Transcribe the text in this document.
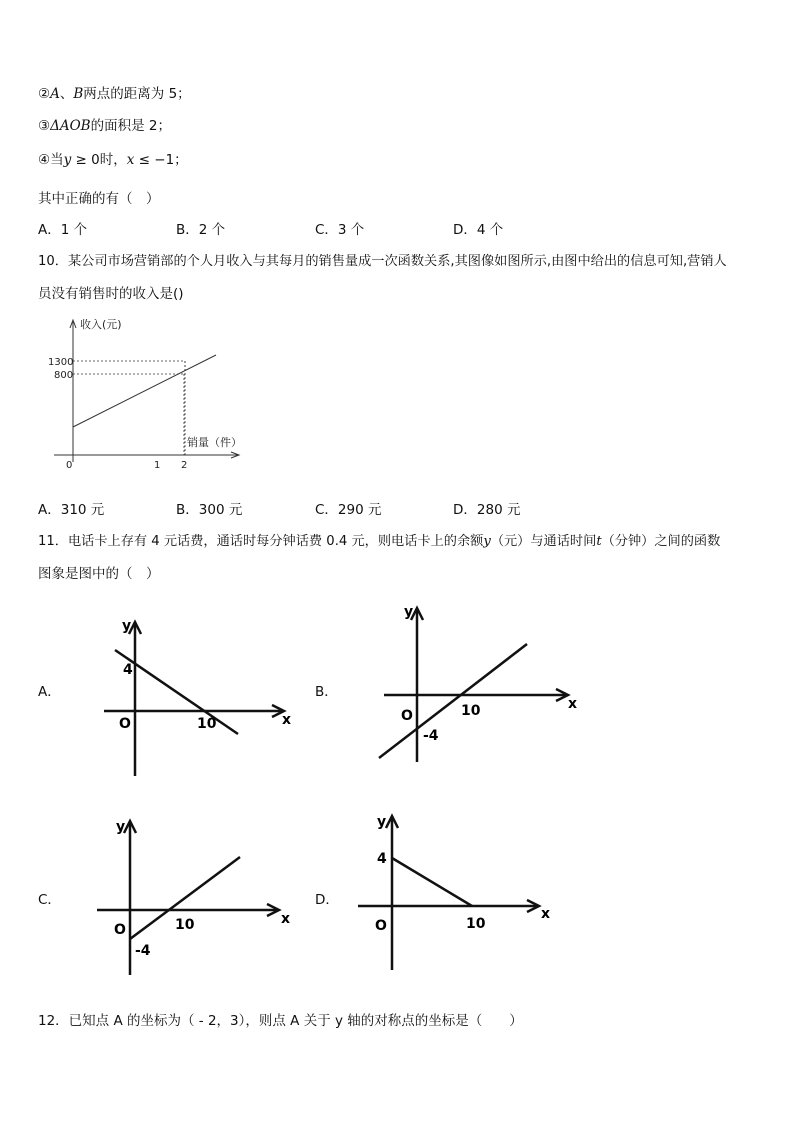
②A、B两点的距离为 5；
③ΔAOB的面积是 2；
④当y ≥ 0时，x ≤ −1；
其中正确的有（　）
A．1 个	B．2 个	C．3 个	D．4 个
10．某公司市场营销部的个人月收入与其每月的销售量成一次函数关系,其图像如图所示,由图中给出的信息可知,营销人
员没有销售时的收入是()
收入(元)
销量（件）
1300
800
0	1 2
A．310 元	B．300 元	C．290 元	D．280 元
11．电话卡上存有 4 元话费，通话时每分钟话费 0.4 元，则电话卡上的余额y（元）与通话时间t（分钟）之间的函数
图象是图中的（　）
A．	B．
C．	D．
y
x
O
4
10
y
x
O
-4
10
y
x
O
-4
10
y
x
O
4
10
12．已知点 A 的坐标为（ - 2，3），则点 A 关于 y 轴的对称点的坐标是（　　）
